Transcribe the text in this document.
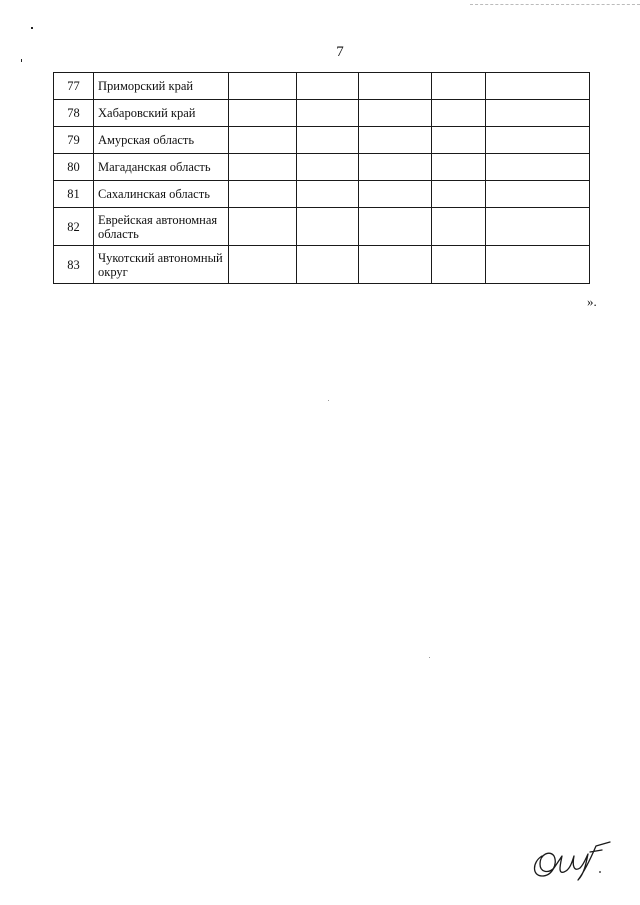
7
77	Приморский край					
78	Хабаровский край					
79	Амурская область					
80	Магаданская область					
81	Сахалинская область					
82	Еврейская автономная область					
83	Чукотский автономный округ					
».
